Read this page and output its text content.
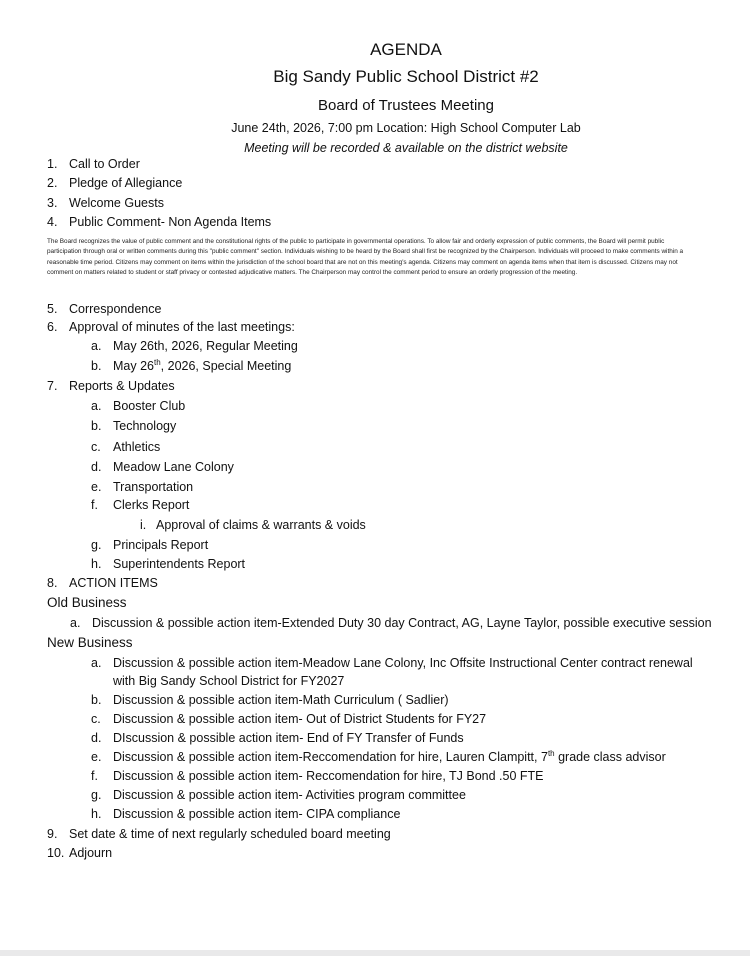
AGENDA
Big Sandy Public School District #2
Board of Trustees Meeting
June 24th, 2026, 7:00 pm Location: High School Computer Lab
Meeting will be recorded & available on the district website
1. Call to Order
2. Pledge of Allegiance
3. Welcome Guests
4. Public Comment- Non Agenda Items
The Board recognizes the value of public comment and the constitutional rights of the public to participate in governmental operations. To allow fair and orderly expression of public comments, the Board will permit public participation through oral or written comments during this "public comment" section. Individuals wishing to be heard by the Board shall first be recognized by the Chairperson. Individuals will proceed to make comments within a reasonable time period. Citizens may comment on items within the jurisdiction of the school board that are not on this meeting's agenda. Citizens may comment on agenda items when that item is discussed. Citizens may not comment on matters related to student or staff privacy or contested adjudicative matters. The Chairperson may control the comment period to ensure an orderly progression of the meeting.
5. Correspondence
6. Approval of minutes of the last meetings:
a. May 26th, 2026, Regular Meeting
b. May 26th, 2026, Special Meeting
7. Reports & Updates
a. Booster Club
b. Technology
c. Athletics
d. Meadow Lane Colony
e. Transportation
f. Clerks Report
i. Approval of claims & warrants & voids
g. Principals Report
h. Superintendents Report
8. ACTION ITEMS
Old Business
a. Discussion & possible action item-Extended Duty 30 day Contract, AG, Layne Taylor, possible executive session
New Business
a. Discussion & possible action item-Meadow Lane Colony, Inc Offsite Instructional Center contract renewal
with Big Sandy School District for FY2027
b. Discussion & possible action item-Math Curriculum ( Sadlier)
c. Discussion & possible action item- Out of District Students for FY27
d. DIscussion & possible action item- End of FY Transfer of Funds
e. Discussion & possible action item-Reccomendation for hire, Lauren Clampitt, 7th grade class advisor
f. Discussion & possible action item- Reccomendation for hire, TJ Bond .50 FTE
g. Discussion & possible action item- Activities program committee
h. Discussion & possible action item- CIPA compliance
9. Set date & time of next regularly scheduled board meeting
10. Adjourn
